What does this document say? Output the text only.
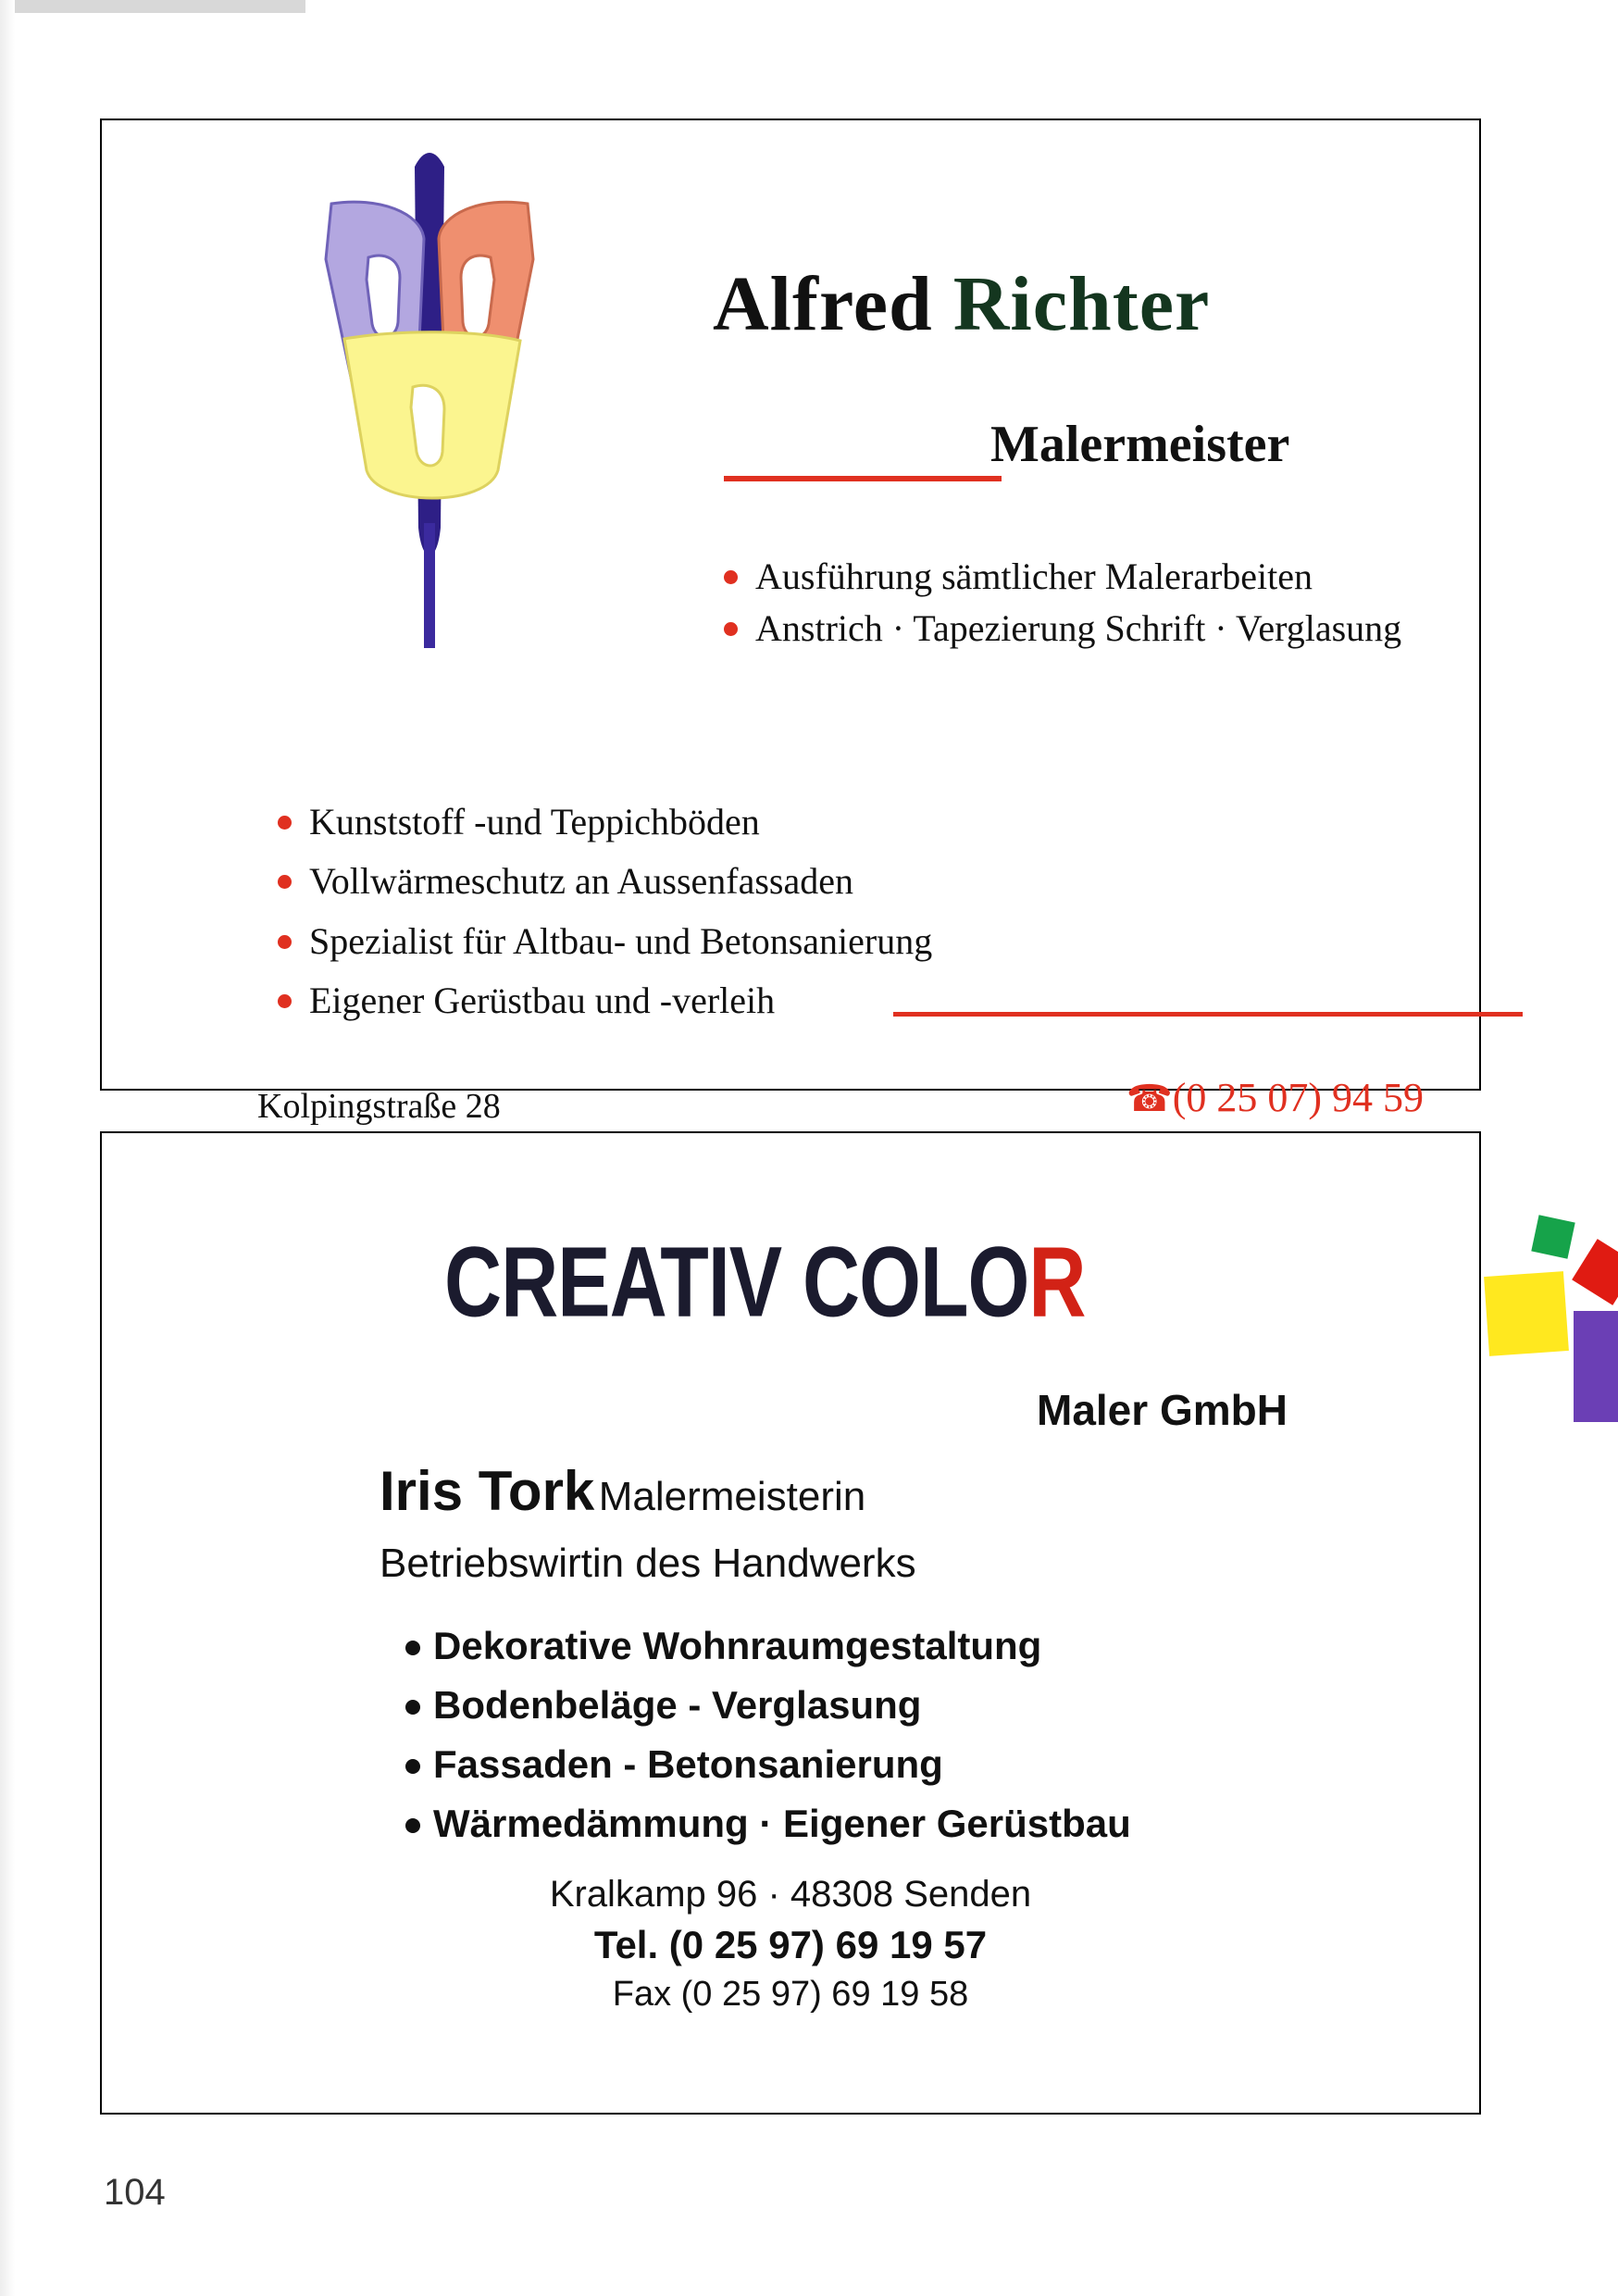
Alfred Richter
Malermeister
Ausführung sämtlicher Malerarbeiten
Anstrich · Tapezierung Schrift · Verglasung
Kunststoff -und Teppichböden
Vollwärmeschutz an Aussenfassaden
Spezialist für Altbau- und Betonsanierung
Eigener Gerüstbau und -verleih
Kolpingstraße 28	☎(0 25 07) 94 59
CREATIV COLOR
Maler GmbH
Iris Tork Malermeisterin
Betriebswirtin des Handwerks
Dekorative Wohnraumgestaltung
Bodenbeläge - Verglasung
Fassaden - Betonsanierung
Wärmedämmung · Eigener Gerüstbau
Kralkamp 96 · 48308 Senden
Tel. (0 25 97) 69 19 57
Fax (0 25 97) 69 19 58
104
